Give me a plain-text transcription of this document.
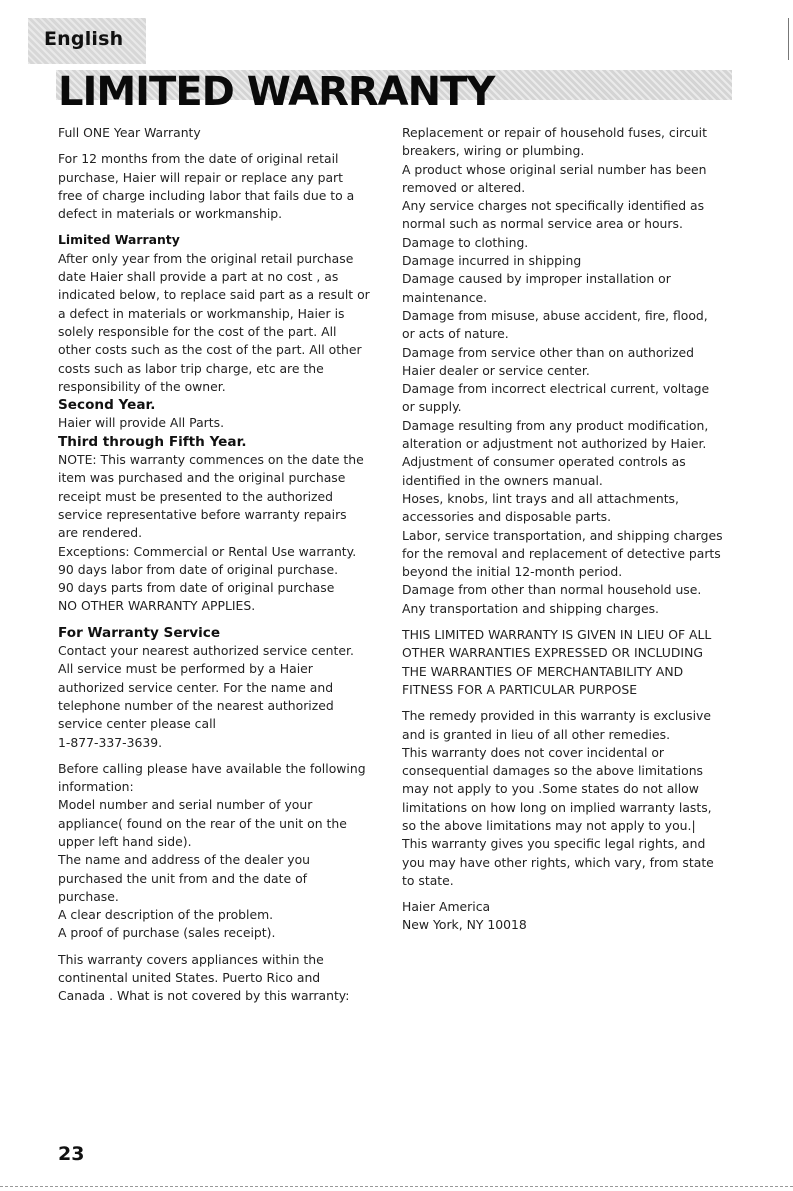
English
LIMITED WARRANTY

Full ONE Year Warranty

For 12 months from the date of original retail purchase, Haier will repair or replace any part free of charge including labor that fails due to a defect in materials or workmanship.

Limited Warranty

After only year from the original retail purchase date Haier shall provide a part at no cost , as indicated below, to replace said part as a result or a defect in materials or workmanship, Haier is solely responsible for the cost of the part. All other costs such as the cost of the part. All other costs such as labor trip charge, etc are the responsibility of the owner.

Second Year.

Haier will provide All Parts.

Third through Fifth Year.

NOTE: This warranty commences on the date the item was purchased and the original purchase receipt must be presented to the authorized service representative before warranty repairs are rendered.

Exceptions: Commercial or Rental Use warranty.

90 days labor from date of original purchase.

90 days parts from date of original purchase

NO OTHER WARRANTY APPLIES.

For Warranty Service

Contact your nearest authorized service center.

All service must be performed by a Haier authorized service center. For the name and telephone number of the nearest authorized service center please call

1-877-337-3639.

Before calling please have available the following information:

Model number and serial number of your appliance( found on the rear of the unit on the upper left hand side).

The name and address of the dealer you purchased the unit from and the date of purchase.

A clear description of the problem.

A proof of purchase (sales receipt).

This warranty covers appliances within the continental united States. Puerto Rico and Canada . What is not covered by this warranty:

Replacement or repair of household fuses, circuit breakers, wiring or plumbing.

A product whose original serial number has been removed or altered.

Any service charges not specifically identified as normal such as normal service area or hours.

Damage to clothing.

Damage incurred in shipping

Damage caused by improper installation or maintenance.

Damage from misuse, abuse accident, fire, flood, or acts of nature.

Damage from service other than on authorized Haier dealer or service center.

Damage from incorrect electrical current, voltage or supply.

Damage resulting from any product modification, alteration or adjustment not authorized by Haier.

Adjustment of consumer operated controls as identified in the owners manual.

Hoses, knobs, lint trays and all attachments, accessories and disposable parts.

Labor, service transportation, and shipping charges for the removal and replacement of detective parts beyond the initial 12-month period.

Damage from other than normal household use.

Any transportation and shipping charges.

THIS LIMITED WARRANTY IS GIVEN IN LIEU OF ALL OTHER WARRANTIES EXPRESSED OR INCLUDING THE WARRANTIES OF MERCHANTABILITY AND FITNESS FOR A PARTICULAR PURPOSE

The remedy provided in this warranty is exclusive and is granted in lieu of all other remedies.

This warranty does not cover incidental or consequential damages so the above limitations may not apply to you .Some states do not allow limitations on how long on implied warranty lasts, so the above limitations may not apply to you.|

This warranty gives you specific legal rights, and you may have other rights, which vary, from state to state.

Haier America

New York, NY 10018

23
